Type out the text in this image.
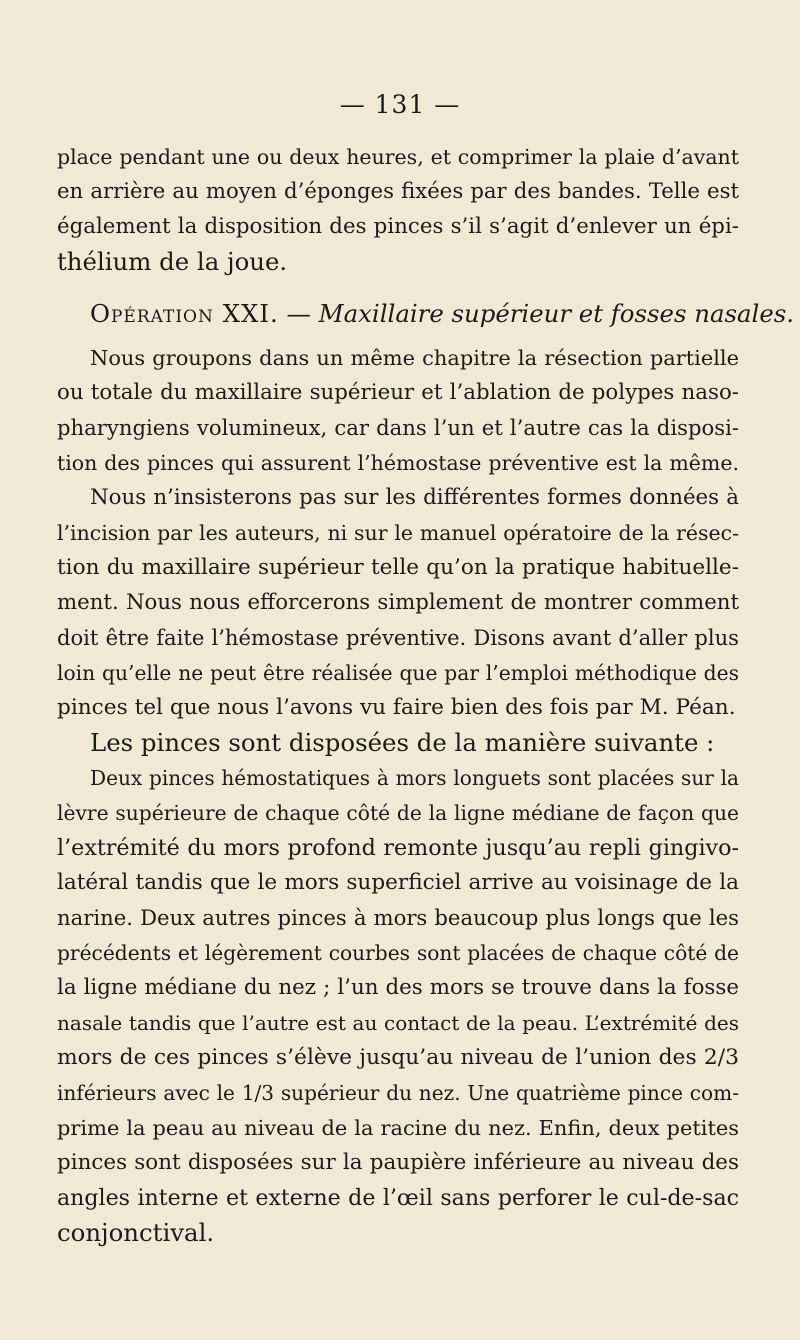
— 131 —
place pendant une ou deux heures, et comprimer la plaie d’avant
en arrière au moyen d’éponges fixées par des bandes. Telle est
également la disposition des pinces s’il s’agit d’enlever un épi-
thélium de la joue.
Opération XXI. — Maxillaire supérieur et fosses nasales.
Nous groupons dans un même chapitre la résection partielle
ou totale du maxillaire supérieur et l’ablation de polypes naso-
pharyngiens volumineux, car dans l’un et l’autre cas la disposi-
tion des pinces qui assurent l’hémostase préventive est la même.
Nous n’insisterons pas sur les différentes formes données à
l’incision par les auteurs, ni sur le manuel opératoire de la résec-
tion du maxillaire supérieur telle qu’on la pratique habituelle-
ment. Nous nous efforcerons simplement de montrer comment
doit être faite l’hémostase préventive. Disons avant d’aller plus
loin qu’elle ne peut être réalisée que par l’emploi méthodique des
pinces tel que nous l’avons vu faire bien des fois par M. Péan.
Les pinces sont disposées de la manière suivante :
Deux pinces hémostatiques à mors longuets sont placées sur la
lèvre supérieure de chaque côté de la ligne médiane de façon que
l’extrémité du mors profond remonte jusqu’au repli gingivo-
latéral tandis que le mors superficiel arrive au voisinage de la
narine. Deux autres pinces à mors beaucoup plus longs que les
précédents et légèrement courbes sont placées de chaque côté de
la ligne médiane du nez ; l’un des mors se trouve dans la fosse
nasale tandis que l’autre est au contact de la peau. L’extrémité des
mors de ces pinces s’élève jusqu’au niveau de l’union des 2/3
inférieurs avec le 1/3 supérieur du nez. Une quatrième pince com-
prime la peau au niveau de la racine du nez. Enfin, deux petites
pinces sont disposées sur la paupière inférieure au niveau des
angles interne et externe de l’œil sans perforer le cul-de-sac
conjonctival.
